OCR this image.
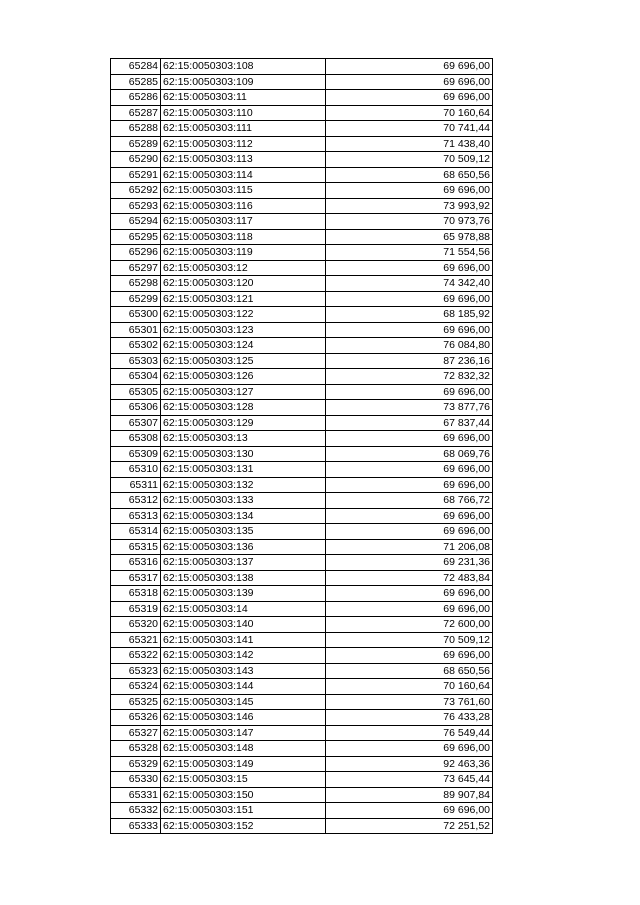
65284	62:15:0050303:108	69 696,00
65285	62:15:0050303:109	69 696,00
65286	62:15:0050303:11	69 696,00
65287	62:15:0050303:110	70 160,64
65288	62:15:0050303:111	70 741,44
65289	62:15:0050303:112	71 438,40
65290	62:15:0050303:113	70 509,12
65291	62:15:0050303:114	68 650,56
65292	62:15:0050303:115	69 696,00
65293	62:15:0050303:116	73 993,92
65294	62:15:0050303:117	70 973,76
65295	62:15:0050303:118	65 978,88
65296	62:15:0050303:119	71 554,56
65297	62:15:0050303:12	69 696,00
65298	62:15:0050303:120	74 342,40
65299	62:15:0050303:121	69 696,00
65300	62:15:0050303:122	68 185,92
65301	62:15:0050303:123	69 696,00
65302	62:15:0050303:124	76 084,80
65303	62:15:0050303:125	87 236,16
65304	62:15:0050303:126	72 832,32
65305	62:15:0050303:127	69 696,00
65306	62:15:0050303:128	73 877,76
65307	62:15:0050303:129	67 837,44
65308	62:15:0050303:13	69 696,00
65309	62:15:0050303:130	68 069,76
65310	62:15:0050303:131	69 696,00
65311	62:15:0050303:132	69 696,00
65312	62:15:0050303:133	68 766,72
65313	62:15:0050303:134	69 696,00
65314	62:15:0050303:135	69 696,00
65315	62:15:0050303:136	71 206,08
65316	62:15:0050303:137	69 231,36
65317	62:15:0050303:138	72 483,84
65318	62:15:0050303:139	69 696,00
65319	62:15:0050303:14	69 696,00
65320	62:15:0050303:140	72 600,00
65321	62:15:0050303:141	70 509,12
65322	62:15:0050303:142	69 696,00
65323	62:15:0050303:143	68 650,56
65324	62:15:0050303:144	70 160,64
65325	62:15:0050303:145	73 761,60
65326	62:15:0050303:146	76 433,28
65327	62:15:0050303:147	76 549,44
65328	62:15:0050303:148	69 696,00
65329	62:15:0050303:149	92 463,36
65330	62:15:0050303:15	73 645,44
65331	62:15:0050303:150	89 907,84
65332	62:15:0050303:151	69 696,00
65333	62:15:0050303:152	72 251,52
